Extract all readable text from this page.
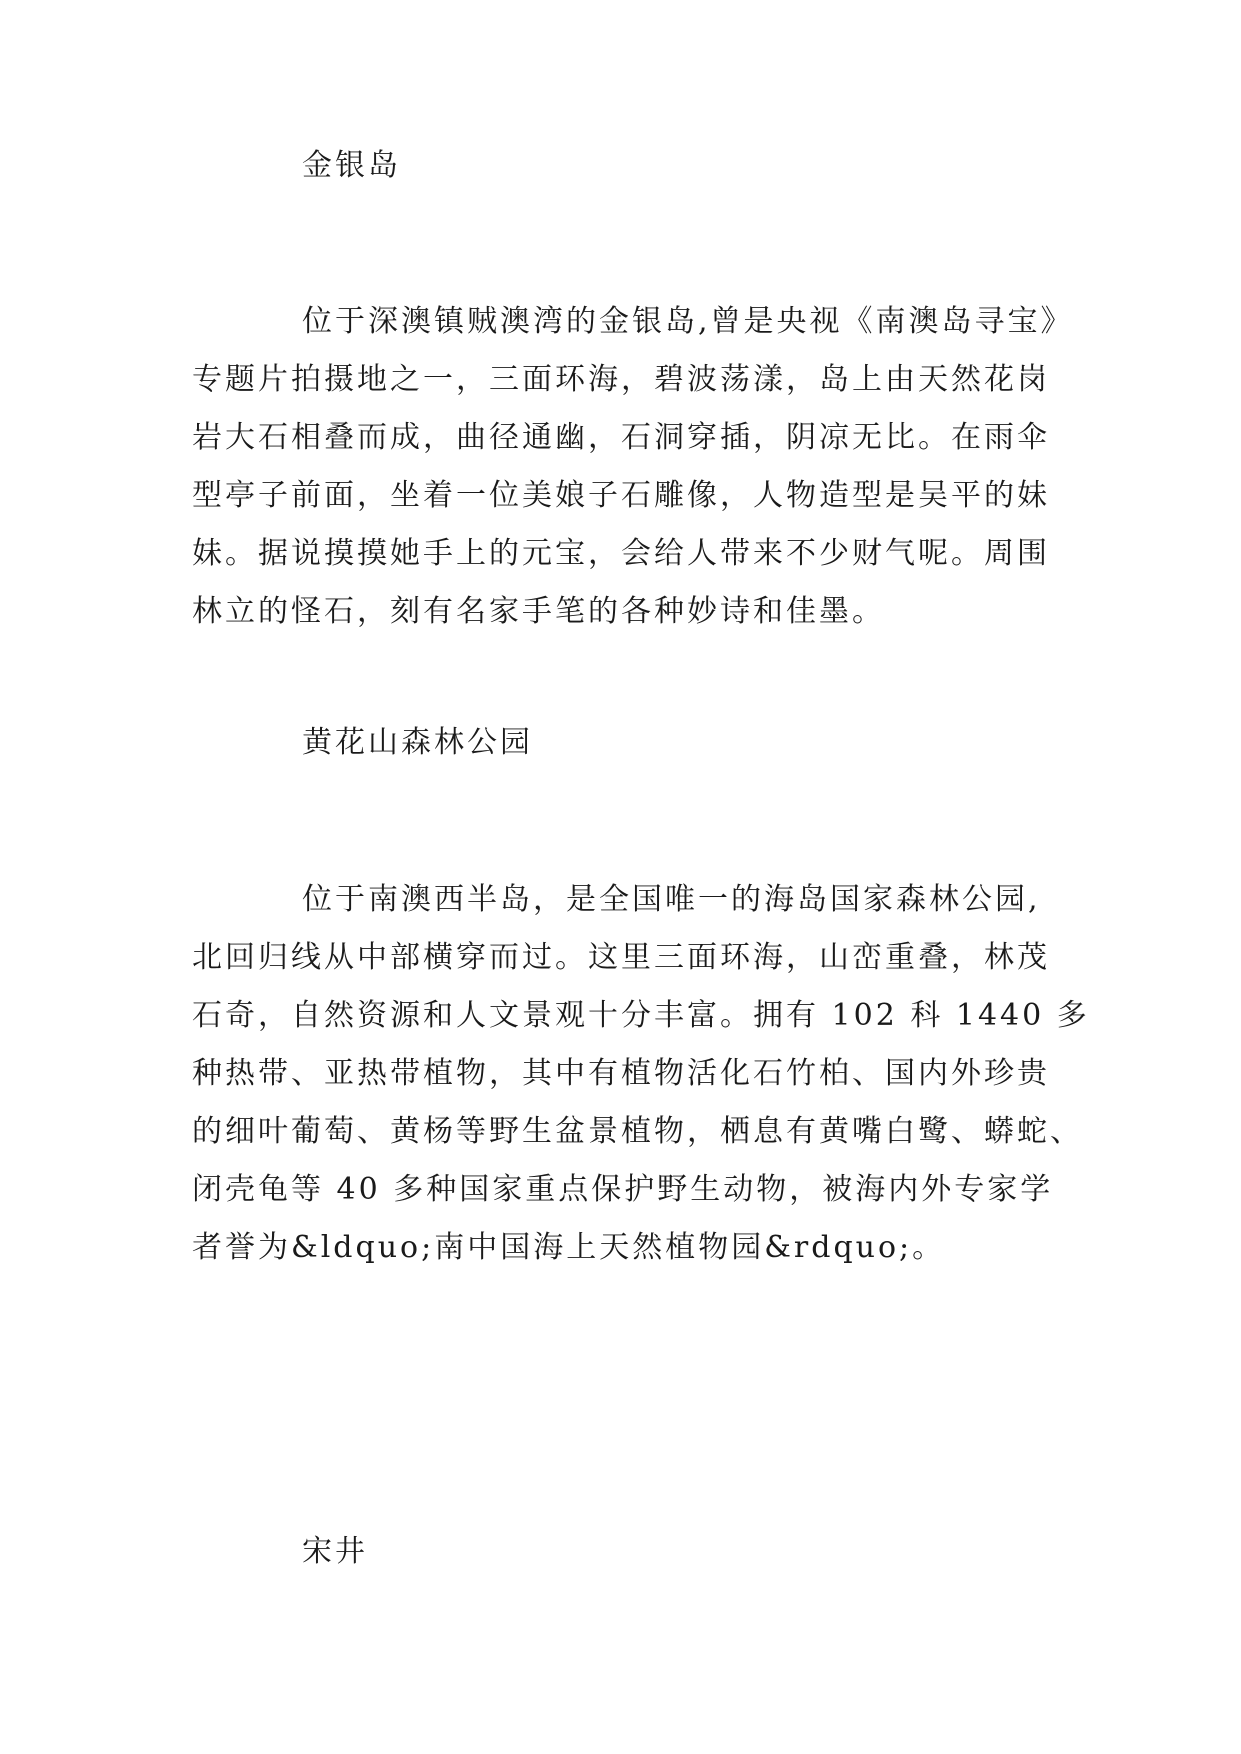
金银岛
位于深澳镇贼澳湾的金银岛,曾是央视《南澳岛寻宝》
专题片拍摄地之一，三面环海，碧波荡漾，岛上由天然花岗
岩大石相叠而成，曲径通幽，石洞穿插，阴凉无比。在雨伞
型亭子前面，坐着一位美娘子石雕像，人物造型是吴平的妹
妹。据说摸摸她手上的元宝，会给人带来不少财气呢。周围
林立的怪石，刻有名家手笔的各种妙诗和佳墨。
黄花山森林公园
位于南澳西半岛，是全国唯一的海岛国家森林公园,
北回归线从中部横穿而过。这里三面环海，山峦重叠，林茂
石奇，自然资源和人文景观十分丰富。拥有 102 科 1440 多
种热带、亚热带植物，其中有植物活化石竹柏、国内外珍贵
的细叶葡萄、黄杨等野生盆景植物，栖息有黄嘴白鹭、蟒蛇、
闭壳龟等 40 多种国家重点保护野生动物，被海内外专家学
者誉为&ldquo;南中国海上天然植物园&rdquo;。
宋井
